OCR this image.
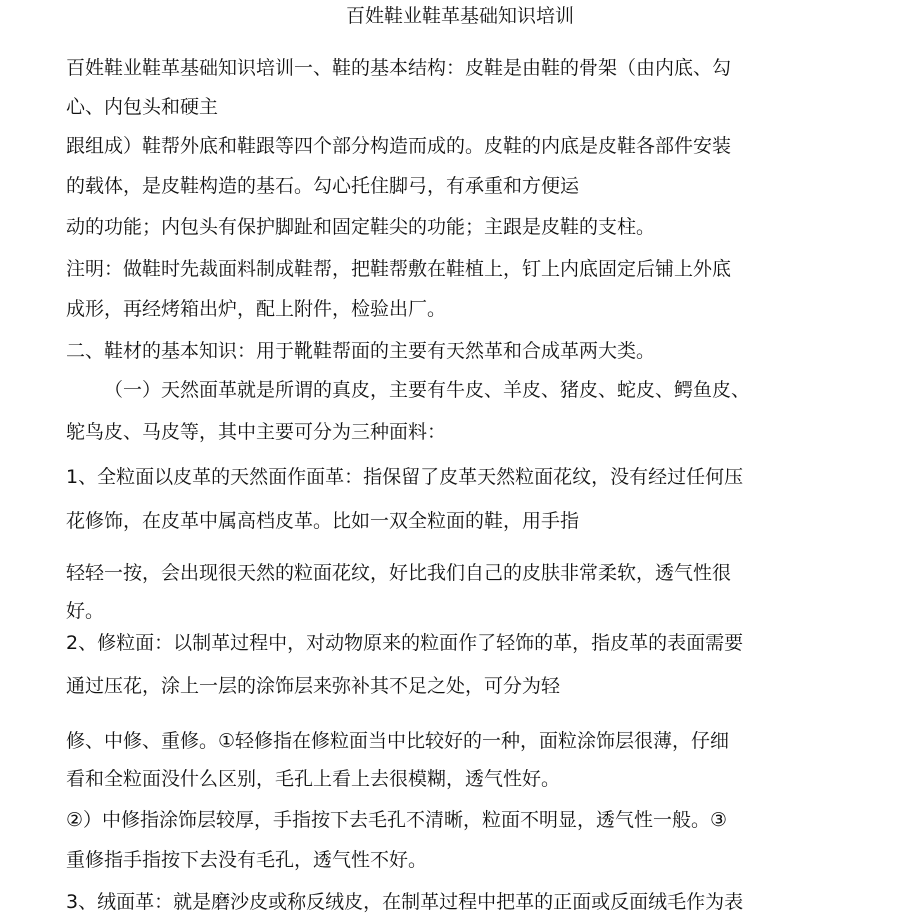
百姓鞋业鞋革基础知识培训
百姓鞋业鞋革基础知识培训一、鞋的基本结构：皮鞋是由鞋的骨架（由内底、勾
心、内包头和硬主
跟组成）鞋帮外底和鞋跟等四个部分构造而成的。皮鞋的内底是皮鞋各部件安装
的载体，是皮鞋构造的基石。勾心托住脚弓，有承重和方便运
动的功能；内包头有保护脚趾和固定鞋尖的功能；主跟是皮鞋的支柱。
注明：做鞋时先裁面料制成鞋帮，把鞋帮敷在鞋植上，钉上内底固定后铺上外底
成形，再经烤箱出炉，配上附件，检验出厂。
二、鞋材的基本知识：用于靴鞋帮面的主要有天然革和合成革两大类。
（一）天然面革就是所谓的真皮，主要有牛皮、羊皮、猪皮、蛇皮、鳄鱼皮、
鸵鸟皮、马皮等，其中主要可分为三种面料：
1、全粒面以皮革的天然面作面革：指保留了皮革天然粒面花纹，没有经过任何压
花修饰，在皮革中属高档皮革。比如一双全粒面的鞋，用手指
轻轻一按，会出现很天然的粒面花纹，好比我们自己的皮肤非常柔软，透气性很
好。
2、修粒面：以制革过程中，对动物原来的粒面作了轻饰的革，指皮革的表面需要
通过压花，涂上一层的涂饰层来弥补其不足之处，可分为轻
修、中修、重修。①轻修指在修粒面当中比较好的一种，面粒涂饰层很薄，仔细
看和全粒面没什么区别，毛孔上看上去很模糊，透气性好。
②）中修指涂饰层较厚，手指按下去毛孔不清晰，粒面不明显，透气性一般。③
重修指手指按下去没有毛孔，透气性不好。
3、绒面革：就是磨沙皮或称反绒皮，在制革过程中把革的正面或反面绒毛作为表
